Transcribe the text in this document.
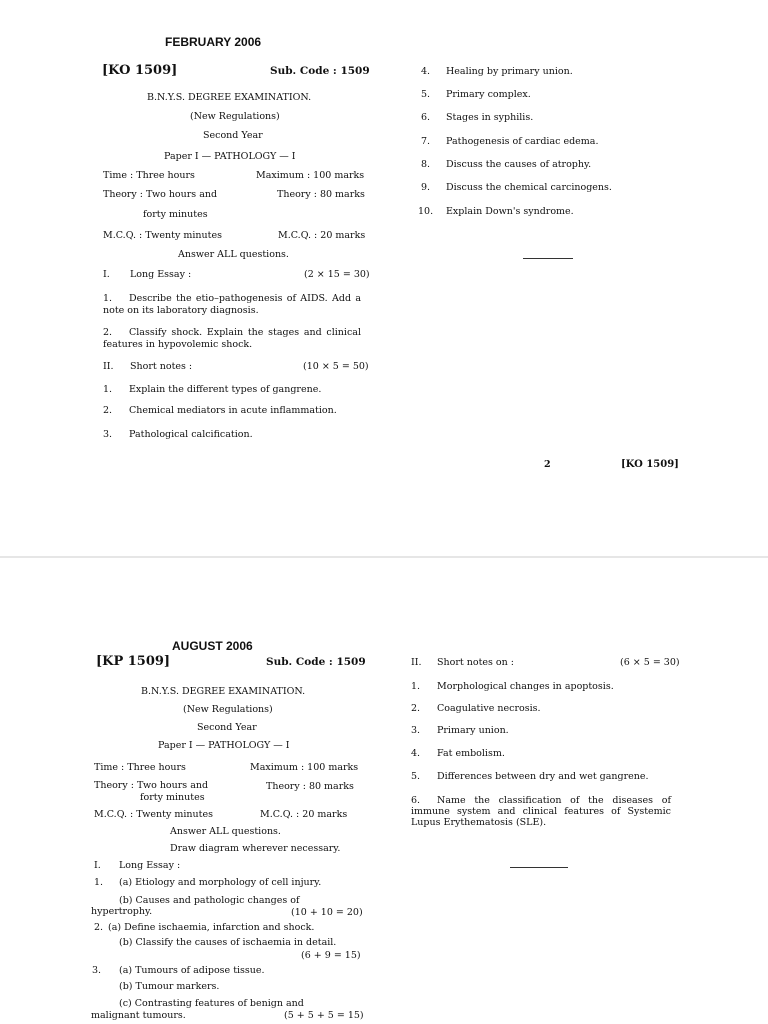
FEBRUARY 2006
[KO 1509]	Sub. Code : 1509
B.N.Y.S. DEGREE EXAMINATION.
(New Regulations)
Second Year
Paper I — PATHOLOGY — I
Time : Three hours	Maximum : 100 marks
Theory : Two hours and	Theory : 80 marks
forty minutes
M.C.Q. : Twenty minutes	M.C.Q. : 20 marks
Answer ALL questions.
I. Long Essay :	(2 × 15 = 30)
1.	Describe the etio–pathogenesis of AIDS. Add a note on its laboratory diagnosis.
2.	Classify shock. Explain the stages and clinical features in hypovolemic shock.
II. Short notes :	(10 × 5 = 50)
1. Explain the different types of gangrene.
2. Chemical mediators in acute inflammation.
3. Pathological calcification.
4. Healing by primary union.
5. Primary complex.
6. Stages in syphilis.
7. Pathogenesis of cardiac edema.
8. Discuss the causes of atrophy.
9. Discuss the chemical carcinogens.
10. Explain Down's syndrome.
2	[KO 1509]
AUGUST 2006
[KP 1509]	Sub. Code : 1509
B.N.Y.S. DEGREE EXAMINATION.
(New Regulations)
Second Year
Paper I — PATHOLOGY — I
Time : Three hours	Maximum : 100 marks
Theory : Two hours and
forty minutes
Theory : 80 marks
M.C.Q. : Twenty minutes	M.C.Q. : 20 marks
Answer ALL questions.
Draw diagram wherever necessary.
I. Long Essay :
1. (a) Etiology and morphology of cell injury.
(b) Causes and pathologic changes of
hypertrophy.	(10 + 10 = 20)
2. (a) Define ischaemia, infarction and shock.
(b) Classify the causes of ischaemia in detail.
(6 + 9 = 15)
3. (a) Tumours of adipose tissue.
(b) Tumour markers.
(c) Contrasting features of benign and
malignant tumours.	(5 + 5 + 5 = 15)
II. Short notes on :	(6 × 5 = 30)
1. Morphological changes in apoptosis.
2. Coagulative necrosis.
3. Primary union.
4. Fat embolism.
5. Differences between dry and wet gangrene.
6.	Name the classification of the diseases of immune system and clinical features of Systemic Lupus Erythematosis (SLE).
